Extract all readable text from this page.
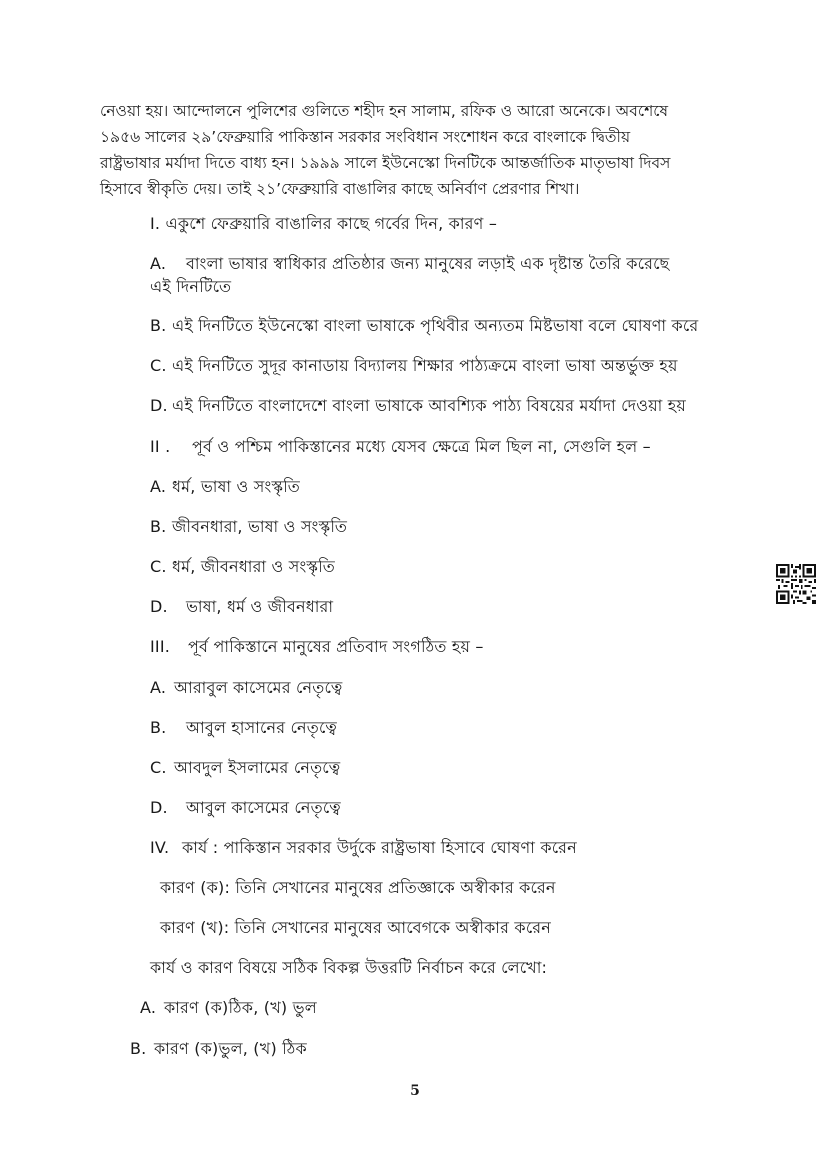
নেওয়া হয়। আন্দোলনে পুলিশের গুলিতে শহীদ হন সালাম, রফিক ও আরো অনেকে। অবশেষে
১৯৫৬ সালের ২৯’ফেব্রুয়ারি পাকিস্তান সরকার সংবিধান সংশোধন করে বাংলাকে দ্বিতীয়
রাষ্ট্রভাষার মর্যাদা দিতে বাধ্য হন। ১৯৯৯ সালে ইউনেস্কো দিনটিকে আন্তর্জাতিক মাতৃভাষা দিবস
হিসাবে স্বীকৃতি দেয়। তাই ২১’ফেব্রুয়ারি বাঙালির কাছে অনির্বাণ প্রেরণার শিখা।
I. একুশে ফেব্রুয়ারি বাঙালির কাছে গর্বের দিন, কারণ –
A. বাংলা ভাষার স্বাধিকার প্রতিষ্ঠার জন্য মানুষের লড়াই এক দৃষ্টান্ত তৈরি করেছে
এই দিনটিতে
B. এই দিনটিতে ইউনেস্কো বাংলা ভাষাকে পৃথিবীর অন্যতম মিষ্টভাষা বলে ঘোষণা করে
C. এই দিনটিতে সুদূর কানাডায় বিদ্যালয় শিক্ষার পাঠ্যক্রমে বাংলা ভাষা অন্তর্ভুক্ত হয়
D. এই দিনটিতে বাংলাদেশে বাংলা ভাষাকে আবশ্যিক পাঠ্য বিষয়ের মর্যাদা দেওয়া হয়
II . পূর্ব ও পশ্চিম পাকিস্তানের মধ্যে যেসব ক্ষেত্রে মিল ছিল না, সেগুলি হল –
A. ধর্ম, ভাষা ও সংস্কৃতি
B. জীবনধারা, ভাষা ও সংস্কৃতি
C. ধর্ম, জীবনধারা ও সংস্কৃতি
D. ভাষা, ধর্ম ও জীবনধারা
III. পূর্ব পাকিস্তানে মানুষের প্রতিবাদ সংগঠিত হয় –
A. আরাবুল কাসেমের নেতৃত্বে
B. আবুল হাসানের নেতৃত্বে
C. আবদুল ইসলামের নেতৃত্বে
D. আবুল কাসেমের নেতৃত্বে
IV. কার্য : পাকিস্তান সরকার উর্দুকে রাষ্ট্রভাষা হিসাবে ঘোষণা করেন
কারণ (ক): তিনি সেখানের মানুষের প্রতিজ্ঞাকে অস্বীকার করেন
কারণ (খ): তিনি সেখানের মানুষের আবেগকে অস্বীকার করেন
কার্য ও কারণ বিষয়ে সঠিক বিকল্প উত্তরটি নির্বাচন করে লেখো:
A. কারণ (ক)ঠিক, (খ) ভুল
B. কারণ (ক)ভুল, (খ) ঠিক
5
